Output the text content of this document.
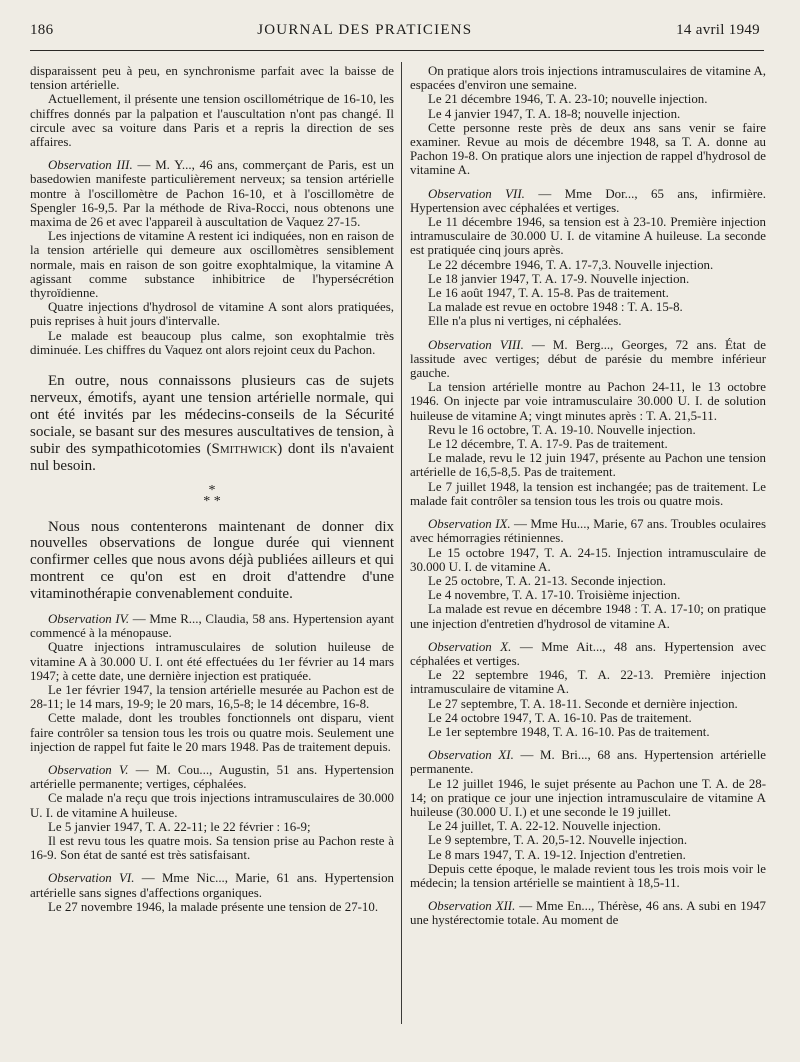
186	JOURNAL DES PRATICIENS	14 avril 1949

disparaissent peu à peu, en synchronisme parfait avec la baisse de tension artérielle.

Actuellement, il présente une tension oscillométrique de 16-10, les chiffres donnés par la palpation et l'auscultation n'ont pas changé. Il circule avec sa voiture dans Paris et a repris la direction de ses affaires.

Observation III. — M. Y..., 46 ans, commerçant de Paris, est un basedowien manifeste particulièrement nerveux; sa tension artérielle montre à l'oscillomètre de Pachon 16-10, et à l'oscillomètre de Spengler 16-9,5. Par la méthode de Riva-Rocci, nous obtenons une maxima de 26 et avec l'appareil à auscultation de Vaquez 27-15.

Les injections de vitamine A restent ici indiquées, non en raison de la tension artérielle qui demeure aux oscillomètres sensiblement normale, mais en raison de son goitre exophtalmique, la vitamine A agissant comme substance inhibitrice de l'hypersécrétion thyroïdienne.

Quatre injections d'hydrosol de vitamine A sont alors pratiquées, puis reprises à huit jours d'intervalle.

Le malade est beaucoup plus calme, son exophtalmie très diminuée. Les chiffres du Vaquez ont alors rejoint ceux du Pachon.

En outre, nous connaissons plusieurs cas de sujets nerveux, émotifs, ayant une tension artérielle normale, qui ont été invités par les médecins-conseils de la Sécurité sociale, se basant sur des mesures auscultatives de tension, à subir des sympathicotomies (Smithwick) dont ils n'avaient nul besoin.

*
* *

Nous nous contenterons maintenant de donner dix nouvelles observations de longue durée qui viennent confirmer celles que nous avons déjà publiées ailleurs et qui montrent ce qu'on est en droit d'attendre d'une vitaminothérapie convenablement conduite.

Observation IV. — Mme R..., Claudia, 58 ans. Hypertension ayant commencé à la ménopause.

Quatre injections intramusculaires de solution huileuse de vitamine A à 30.000 U. I. ont été effectuées du 1er février au 14 mars 1947; à cette date, une dernière injection est pratiquée.

Le 1er février 1947, la tension artérielle mesurée au Pachon est de 28-11; le 14 mars, 19-9; le 20 mars, 16,5-8; le 14 décembre, 16-8.

Cette malade, dont les troubles fonctionnels ont disparu, vient faire contrôler sa tension tous les trois ou quatre mois. Seulement une injection de rappel fut faite le 20 mars 1948. Pas de traitement depuis.

Observation V. — M. Cou..., Augustin, 51 ans. Hypertension artérielle permanente; vertiges, céphalées.

Ce malade n'a reçu que trois injections intramusculaires de 30.000 U. I. de vitamine A huileuse.

Le 5 janvier 1947, T. A. 22-11; le 22 février : 16-9;

Il est revu tous les quatre mois. Sa tension prise au Pachon reste à 16-9. Son état de santé est très satisfaisant.

Observation VI. — Mme Nic..., Marie, 61 ans. Hypertension artérielle sans signes d'affections organiques.

Le 27 novembre 1946, la malade présente une tension de 27-10.

On pratique alors trois injections intramusculaires de vitamine A, espacées d'environ une semaine.

Le 21 décembre 1946, T. A. 23-10; nouvelle injection.

Le 4 janvier 1947, T. A. 18-8; nouvelle injection.

Cette personne reste près de deux ans sans venir se faire examiner. Revue au mois de décembre 1948, sa T. A. donne au Pachon 19-8. On pratique alors une injection de rappel d'hydrosol de vitamine A.

Observation VII. — Mme Dor..., 65 ans, infirmière. Hypertension avec céphalées et vertiges.

Le 11 décembre 1946, sa tension est à 23-10. Première injection intramusculaire de 30.000 U. I. de vitamine A huileuse. La seconde est pratiquée cinq jours après.

Le 22 décembre 1946, T. A. 17-7,3. Nouvelle injection.

Le 18 janvier 1947, T. A. 17-9. Nouvelle injection.

Le 16 août 1947, T. A. 15-8. Pas de traitement.

La malade est revue en octobre 1948 : T. A. 15-8.

Elle n'a plus ni vertiges, ni céphalées.

Observation VIII. — M. Berg..., Georges, 72 ans. État de lassitude avec vertiges; début de parésie du membre inférieur gauche.

La tension artérielle montre au Pachon 24-11, le 13 octobre 1946. On injecte par voie intramusculaire 30.000 U. I. de solution huileuse de vitamine A; vingt minutes après : T. A. 21,5-11.

Revu le 16 octobre, T. A. 19-10. Nouvelle injection.

Le 12 décembre, T. A. 17-9. Pas de traitement.

Le malade, revu le 12 juin 1947, présente au Pachon une tension artérielle de 16,5-8,5. Pas de traitement.

Le 7 juillet 1948, la tension est inchangée; pas de traitement. Le malade fait contrôler sa tension tous les trois ou quatre mois.

Observation IX. — Mme Hu..., Marie, 67 ans. Troubles oculaires avec hémorragies rétiniennes.

Le 15 octobre 1947, T. A. 24-15. Injection intramusculaire de 30.000 U. I. de vitamine A.

Le 25 octobre, T. A. 21-13. Seconde injection.

Le 4 novembre, T. A. 17-10. Troisième injection.

La malade est revue en décembre 1948 : T. A. 17-10; on pratique une injection d'entretien d'hydrosol de vitamine A.

Observation X. — Mme Ait..., 48 ans. Hypertension avec céphalées et vertiges.

Le 22 septembre 1946, T. A. 22-13. Première injection intramusculaire de vitamine A.

Le 27 septembre, T. A. 18-11. Seconde et dernière injection.

Le 24 octobre 1947, T. A. 16-10. Pas de traitement.

Le 1er septembre 1948, T. A. 16-10. Pas de traitement.

Observation XI. — M. Bri..., 68 ans. Hypertension artérielle permanente.

Le 12 juillet 1946, le sujet présente au Pachon une T. A. de 28-14; on pratique ce jour une injection intramusculaire de vitamine A huileuse (30.000 U. I.) et une seconde le 19 juillet.

Le 24 juillet, T. A. 22-12. Nouvelle injection.

Le 9 septembre, T. A. 20,5-12. Nouvelle injection.

Le 8 mars 1947, T. A. 19-12. Injection d'entretien.

Depuis cette époque, le malade revient tous les trois mois voir le médecin; la tension artérielle se maintient à 18,5-11.

Observation XII. — Mme En..., Thérèse, 46 ans. A subi en 1947 une hystérectomie totale. Au moment de
